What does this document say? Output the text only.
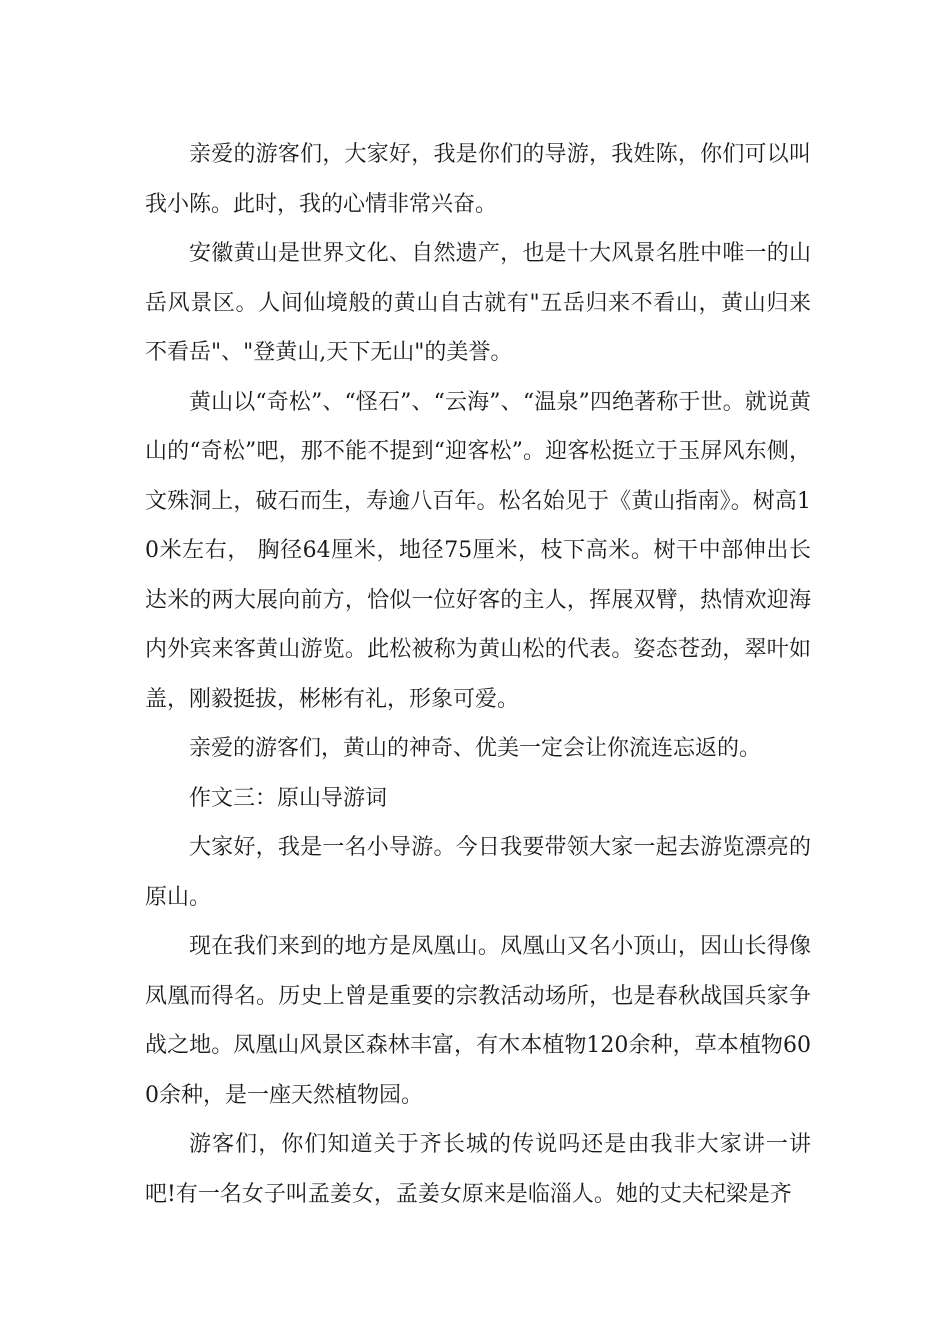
亲爱的游客们，大家好，我是你们的导游，我姓陈，你们可以叫我小陈。此时，我的心情非常兴奋。

安徽黄山是世界文化、自然遗产，也是十大风景名胜中唯一的山岳风景区。人间仙境般的黄山自古就有"五岳归来不看山，黄山归来不看岳"、"登黄山,天下无山"的美誉。

黄山以“奇松”、“怪石”、“云海”、“温泉”四绝著称于世。就说黄山的“奇松”吧，那不能不提到“迎客松”。迎客松挺立于玉屏风东侧，文殊洞上，破石而生，寿逾八百年。松名始见于《黄山指南》。树高10米左右， 胸径64厘米，地径75厘米，枝下高米。树干中部伸出长达米的两大展向前方，恰似一位好客的主人，挥展双臂，热情欢迎海内外宾来客黄山游览。此松被称为黄山松的代表。姿态苍劲，翠叶如盖，刚毅挺拔，彬彬有礼，形象可爱。

亲爱的游客们，黄山的神奇、优美一定会让你流连忘返的。

作文三：原山导游词

大家好，我是一名小导游。今日我要带领大家一起去游览漂亮的原山。

现在我们来到的地方是凤凰山。凤凰山又名小顶山，因山长得像凤凰而得名。历史上曾是重要的宗教活动场所，也是春秋战国兵家争战之地。凤凰山风景区森林丰富，有木本植物120余种，草本植物600余种，是一座天然植物园。

游客们，你们知道关于齐长城的传说吗还是由我非大家讲一讲吧!有一名女子叫孟姜女，孟姜女原来是临淄人。她的丈夫杞梁是齐
